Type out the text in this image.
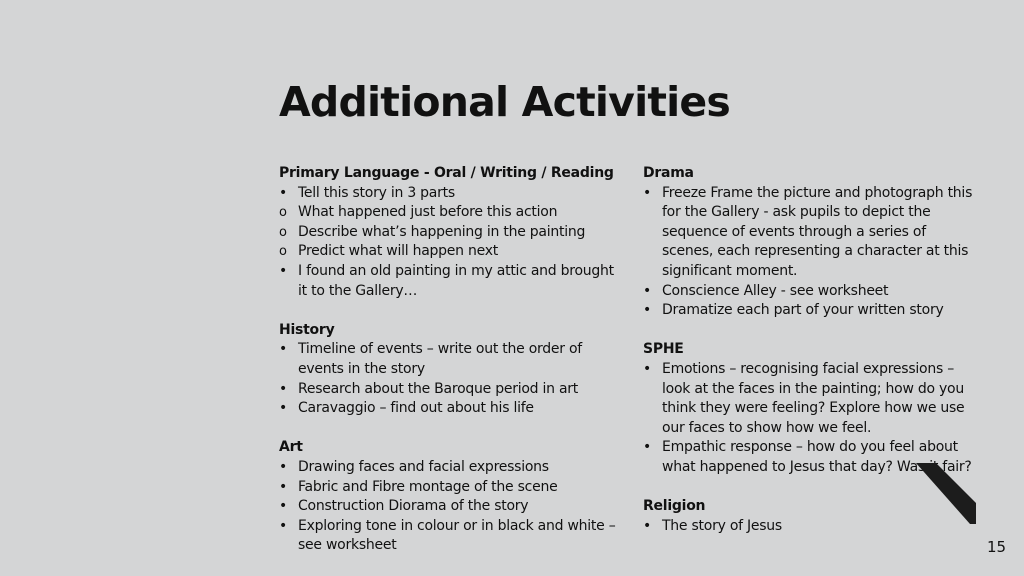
Additional Activities

Primary Language - Oral / Writing / Reading

• Tell this story in 3 parts
o What happened just before this action
o Describe what’s happening in the painting
o Predict what will happen next
• I found an old painting in my attic and brought it to the Gallery…

History

• Timeline of events – write out the order of events in the story
• Research about the Baroque period in art
• Caravaggio – find out about his life

Art

• Drawing faces and facial expressions
• Fabric and Fibre montage of the scene
• Construction Diorama of the story
• Exploring tone in colour or in black and white – see worksheet

Drama

• Freeze Frame the picture and photograph this for the Gallery - ask pupils to depict the sequence of events through a series of scenes, each representing a character at this significant moment.
• Conscience Alley - see worksheet
• Dramatize each part of your written story

SPHE

• Emotions – recognising facial expressions – look at the faces in the painting; how do you think they were feeling? Explore how we use our faces to show how we feel.
• Empathic response – how do you feel about what happened to Jesus that day? Was it fair?

Religion

• The story of Jesus
15
